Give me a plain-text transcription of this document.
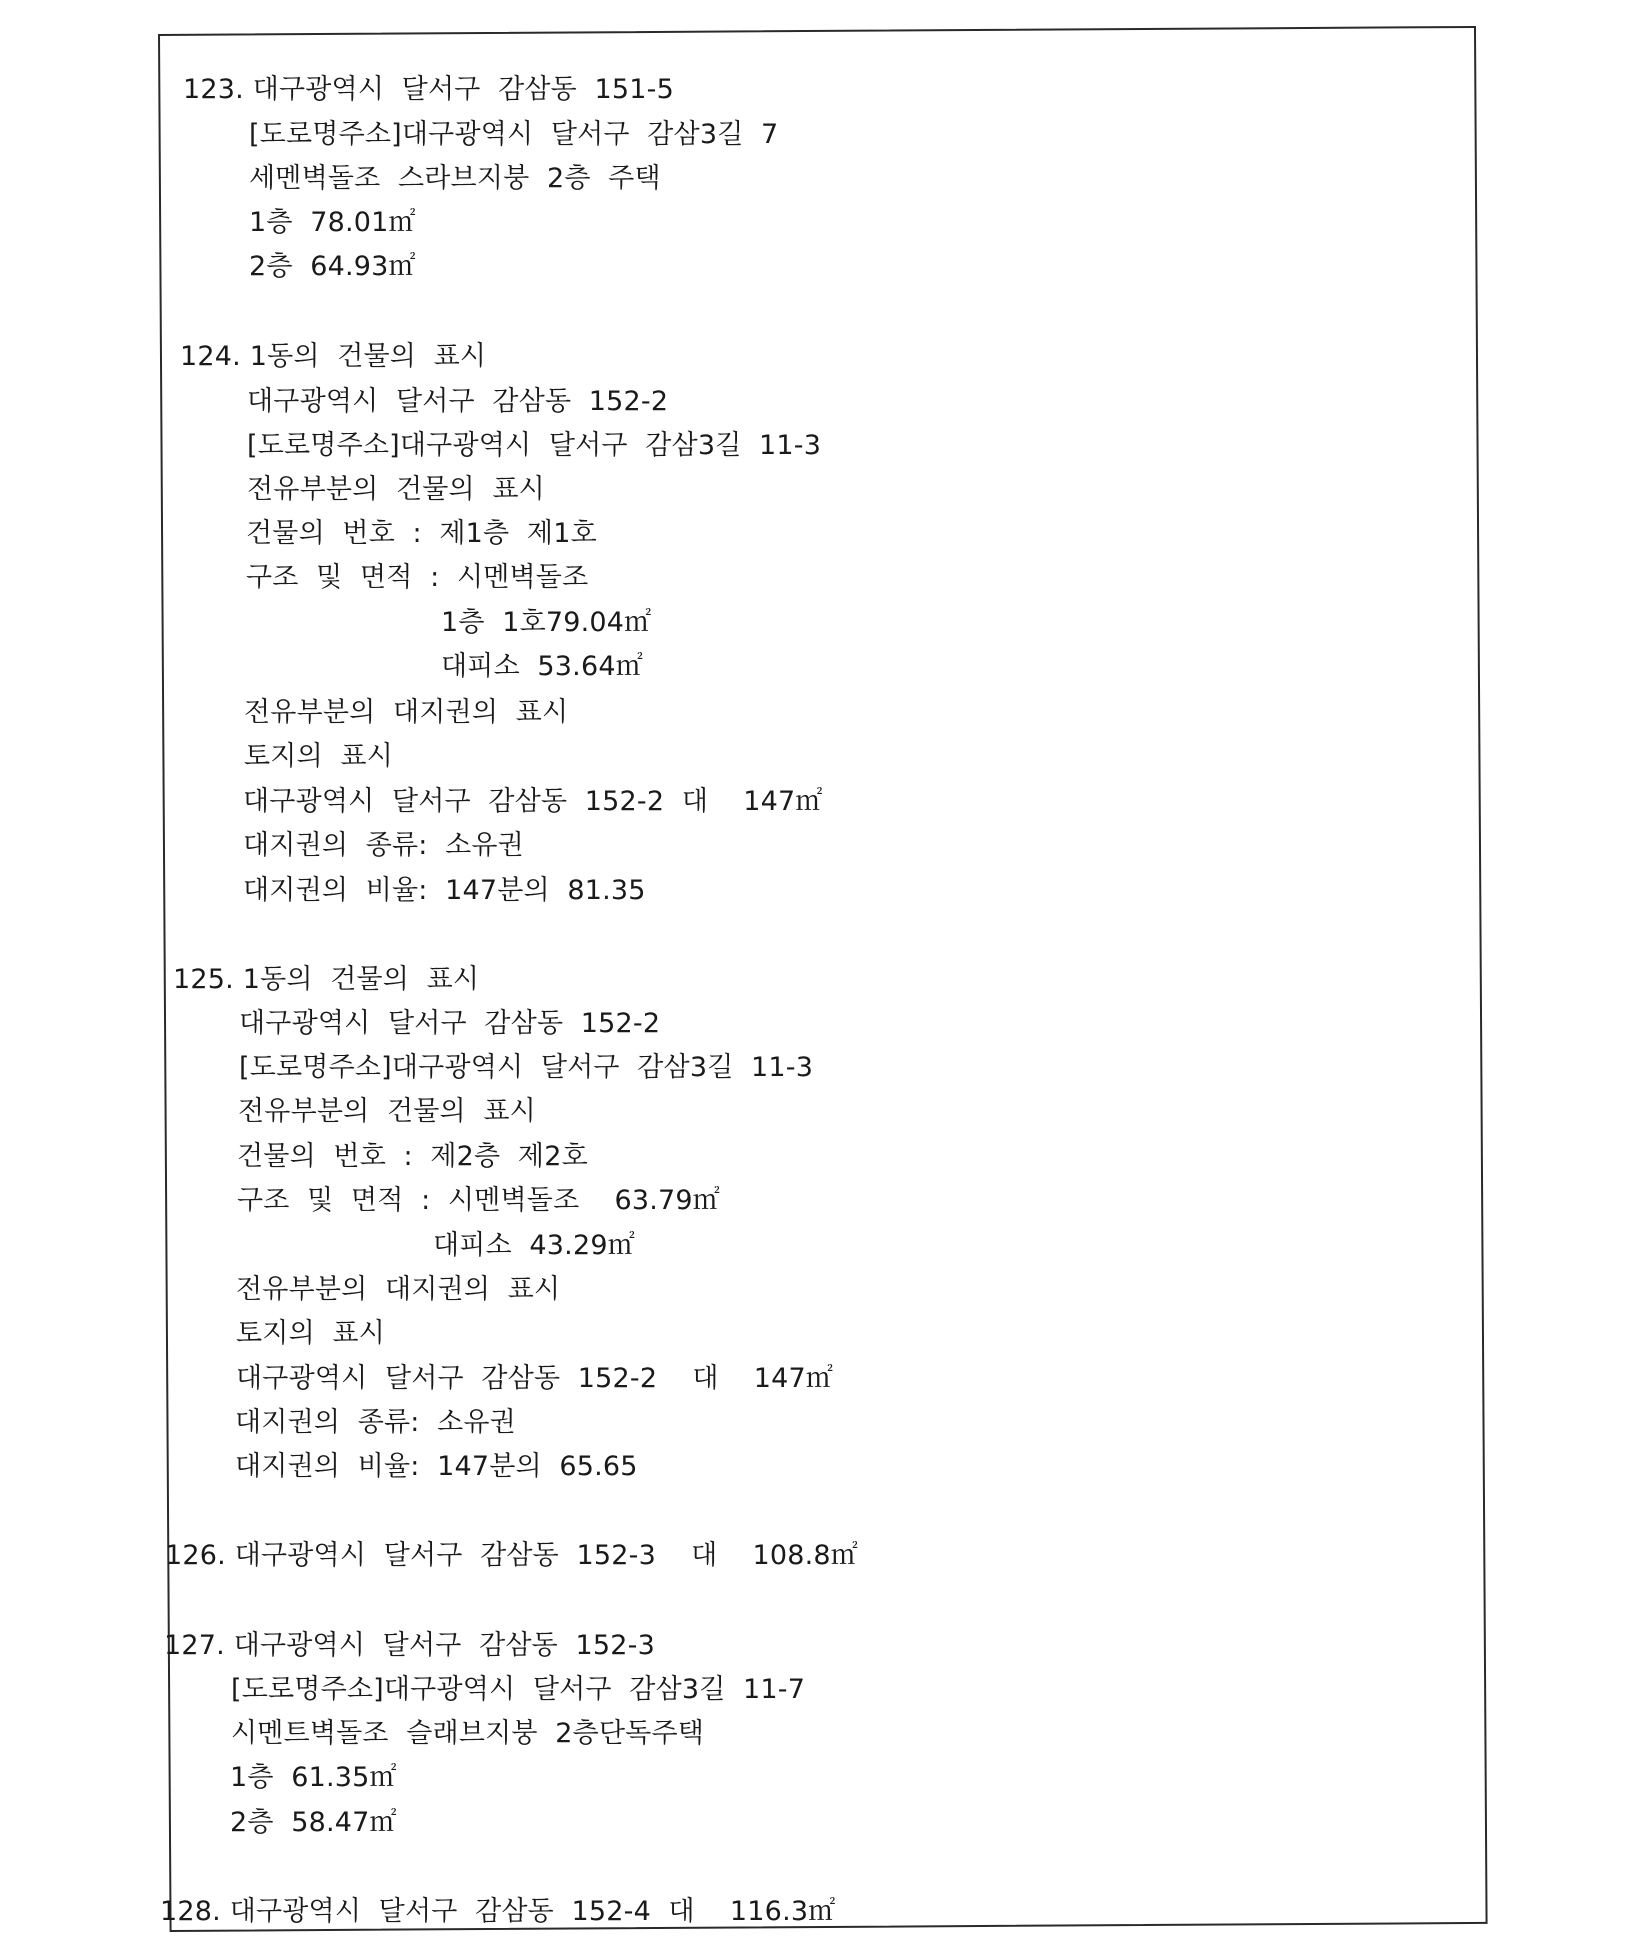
123. 대구광역시  달서구  감삼동  151-5
[도로명주소]대구광역시  달서구  감삼3길  7
세멘벽돌조  스라브지붕  2층  주택
1층  78.01㎡
2층  64.93㎡
124. 1동의  건물의  표시
대구광역시  달서구  감삼동  152-2
[도로명주소]대구광역시  달서구  감삼3길  11-3
전유부분의  건물의  표시
건물의  번호  :  제1층  제1호
구조  및  면적  :  시멘벽돌조
1층  1호79.04㎡
대피소  53.64㎡
전유부분의  대지권의  표시
토지의  표시
대구광역시  달서구  감삼동  152-2  대    147㎡
대지권의  종류:  소유권
대지권의  비율:  147분의  81.35
125. 1동의  건물의  표시
대구광역시  달서구  감삼동  152-2
[도로명주소]대구광역시  달서구  감삼3길  11-3
전유부분의  건물의  표시
건물의  번호  :  제2층  제2호
구조  및  면적  :  시멘벽돌조    63.79㎡
대피소  43.29㎡
전유부분의  대지권의  표시
토지의  표시
대구광역시  달서구  감삼동  152-2    대    147㎡
대지권의  종류:  소유권
대지권의  비율:  147분의  65.65
126. 대구광역시  달서구  감삼동  152-3    대    108.8㎡
127. 대구광역시  달서구  감삼동  152-3
[도로명주소]대구광역시  달서구  감삼3길  11-7
시멘트벽돌조  슬래브지붕  2층단독주택
1층  61.35㎡
2층  58.47㎡
128. 대구광역시  달서구  감삼동  152-4  대    116.3㎡
